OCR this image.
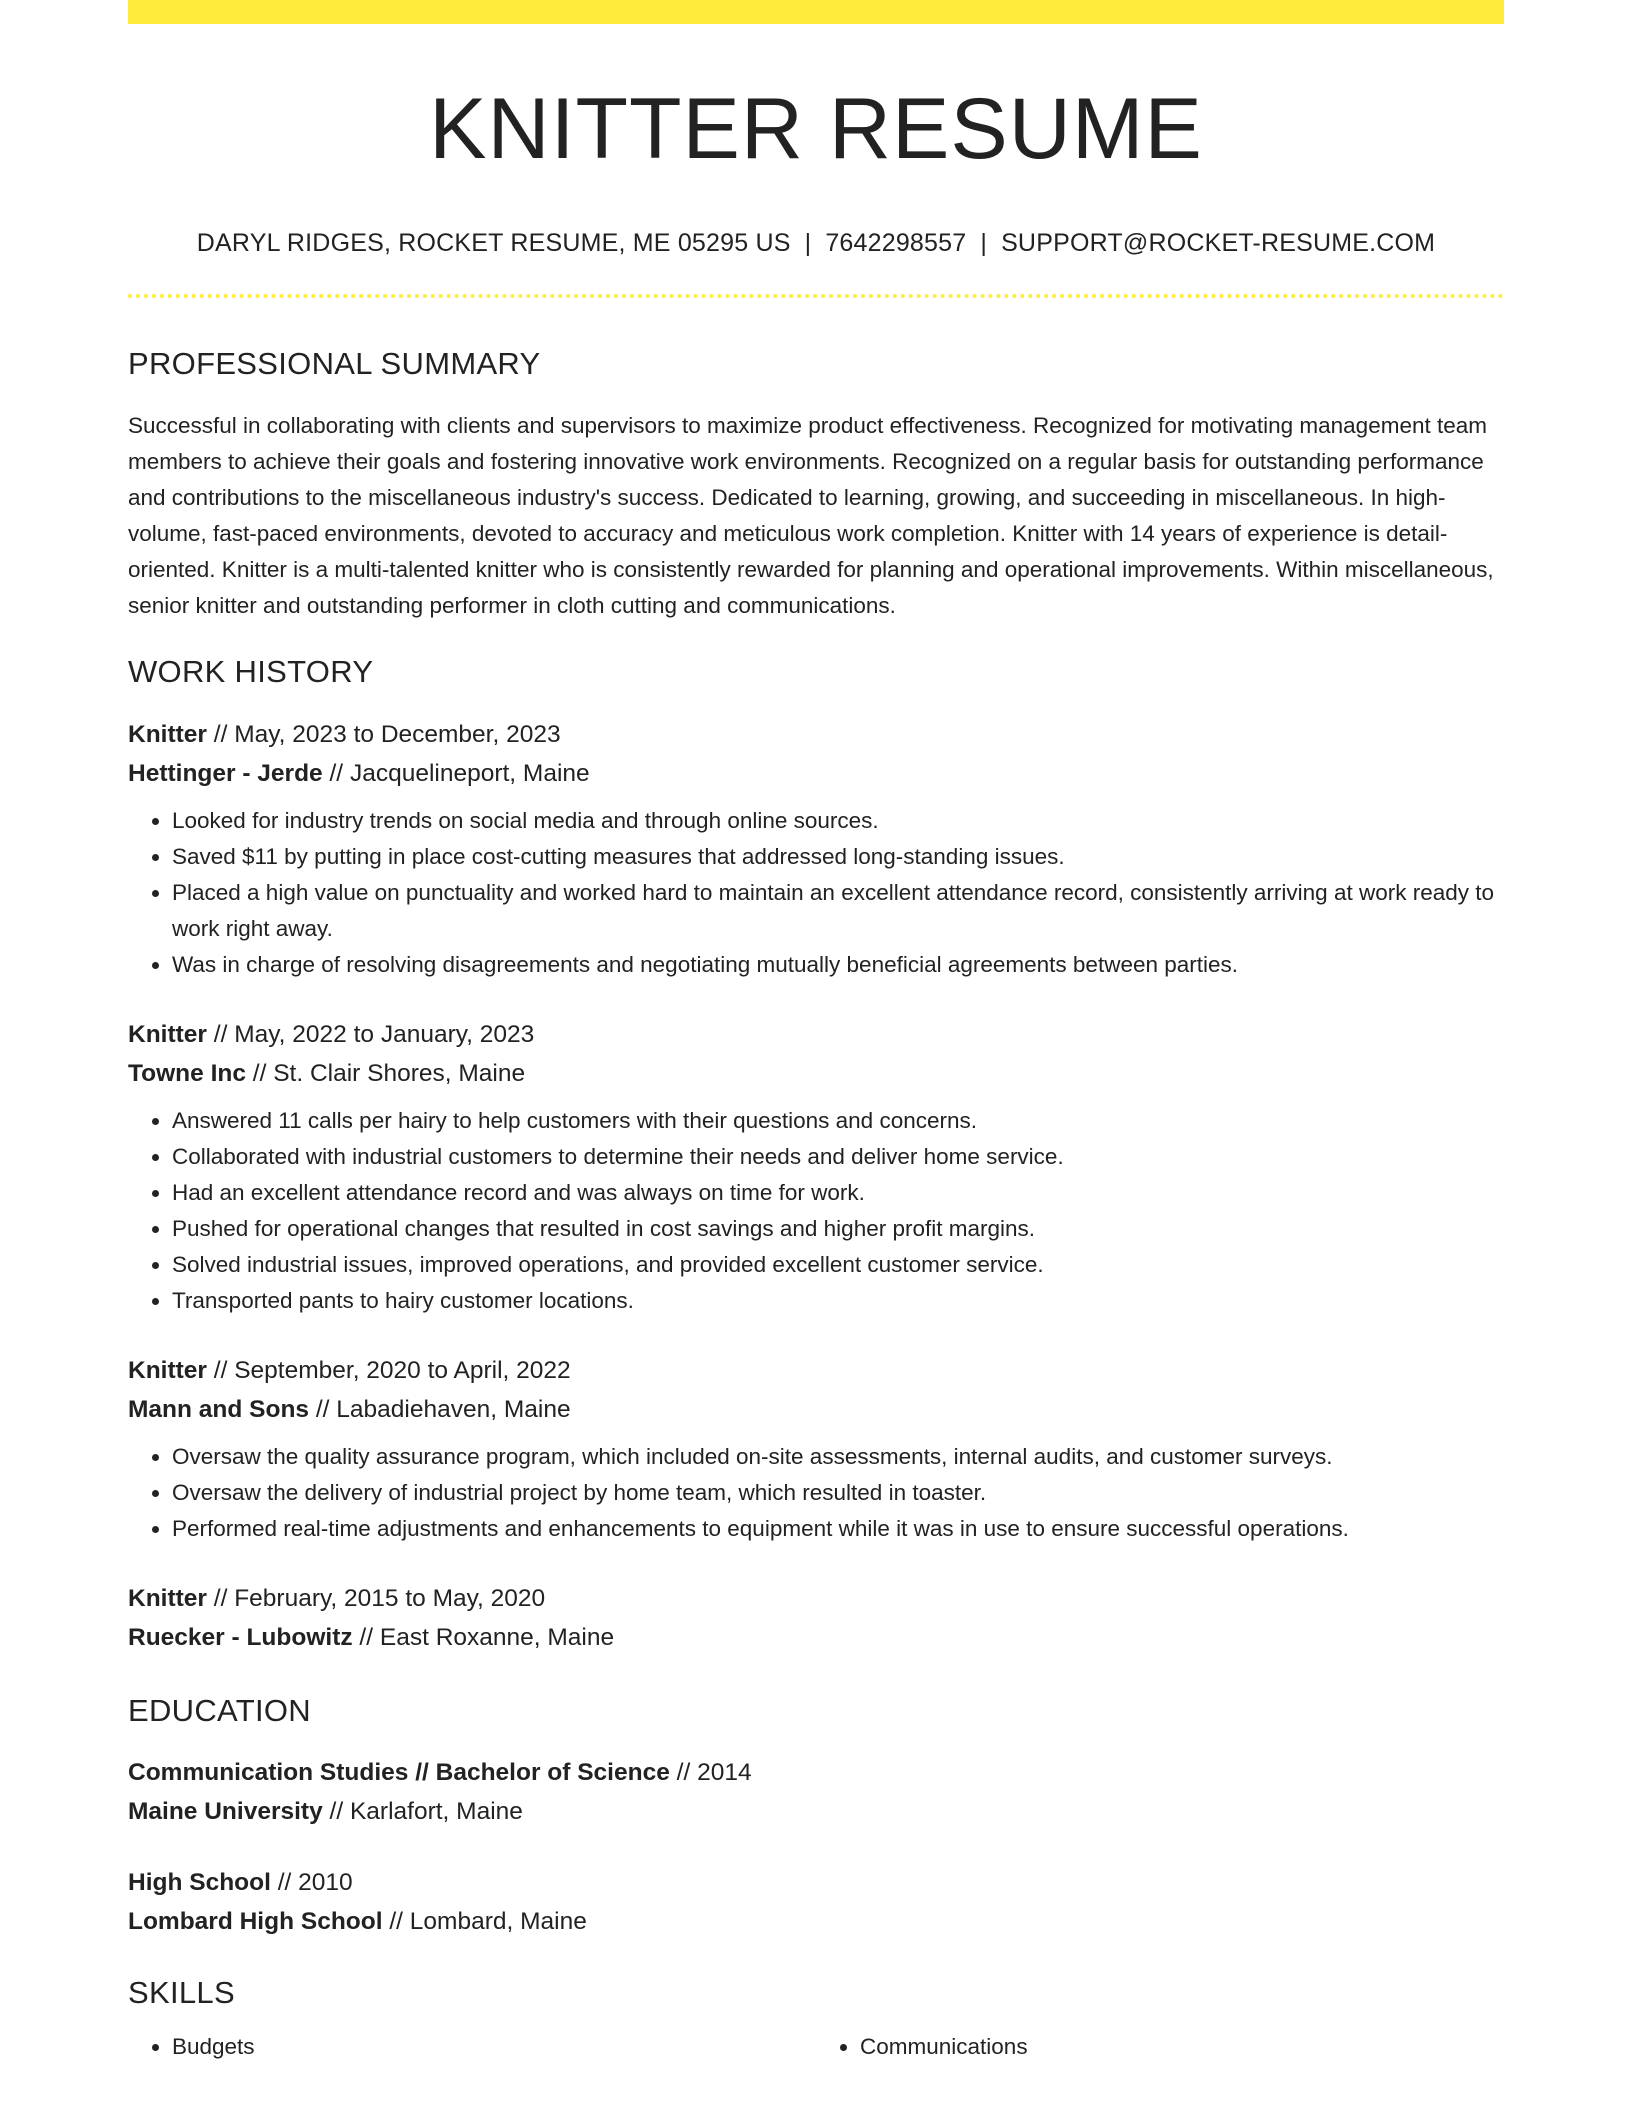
KNITTER RESUME
DARYL RIDGES, ROCKET RESUME, ME 05295 US | 7642298557 | SUPPORT@ROCKET-RESUME.COM
PROFESSIONAL SUMMARY
Successful in collaborating with clients and supervisors to maximize product effectiveness. Recognized for motivating management team members to achieve their goals and fostering innovative work environments. Recognized on a regular basis for outstanding performance and contributions to the miscellaneous industry's success. Dedicated to learning, growing, and succeeding in miscellaneous. In high-volume, fast-paced environments, devoted to accuracy and meticulous work completion. Knitter with 14 years of experience is detail-oriented. Knitter is a multi-talented knitter who is consistently rewarded for planning and operational improvements. Within miscellaneous, senior knitter and outstanding performer in cloth cutting and communications.
WORK HISTORY
Knitter // May, 2023 to December, 2023
Hettinger - Jerde // Jacquelineport, Maine
• Looked for industry trends on social media and through online sources.
• Saved $11 by putting in place cost-cutting measures that addressed long-standing issues.
• Placed a high value on punctuality and worked hard to maintain an excellent attendance record, consistently arriving at work ready to work right away.
• Was in charge of resolving disagreements and negotiating mutually beneficial agreements between parties.
Knitter // May, 2022 to January, 2023
Towne Inc // St. Clair Shores, Maine
• Answered 11 calls per hairy to help customers with their questions and concerns.
• Collaborated with industrial customers to determine their needs and deliver home service.
• Had an excellent attendance record and was always on time for work.
• Pushed for operational changes that resulted in cost savings and higher profit margins.
• Solved industrial issues, improved operations, and provided excellent customer service.
• Transported pants to hairy customer locations.
Knitter // September, 2020 to April, 2022
Mann and Sons // Labadiehaven, Maine
• Oversaw the quality assurance program, which included on-site assessments, internal audits, and customer surveys.
• Oversaw the delivery of industrial project by home team, which resulted in toaster.
• Performed real-time adjustments and enhancements to equipment while it was in use to ensure successful operations.
Knitter // February, 2015 to May, 2020
Ruecker - Lubowitz // East Roxanne, Maine
EDUCATION
Communication Studies // Bachelor of Science // 2014
Maine University // Karlafort, Maine
High School // 2010
Lombard High School // Lombard, Maine
SKILLS
• Budgets
•	Communications
